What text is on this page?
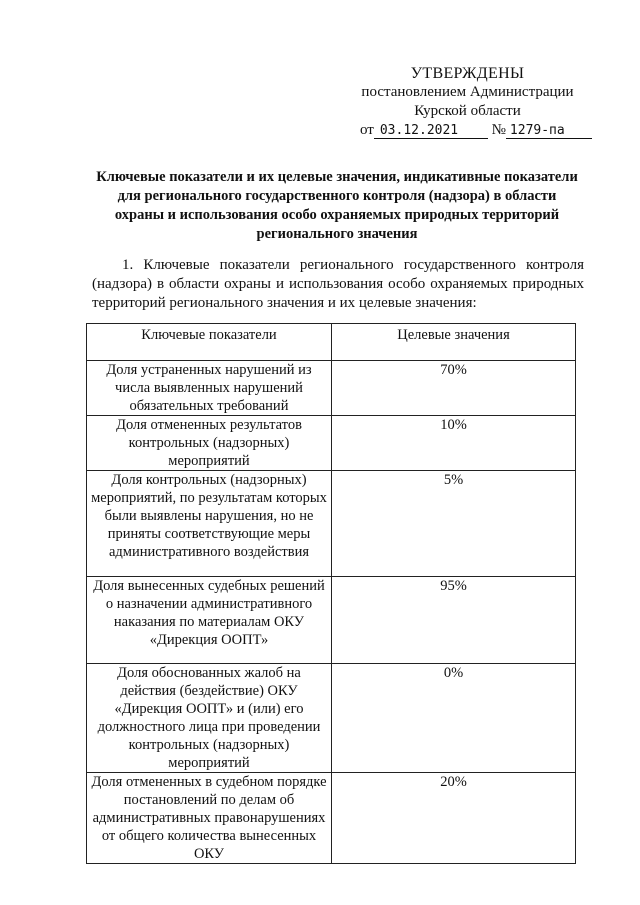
УТВЕРЖДЕНЫ
постановлением Администрации
Курской области
от 03.12.2021 № 1279-па
Ключевые показатели и их целевые значения, индикативные показатели для регионального государственного контроля (надзора) в области охраны и использования особо охраняемых природных территорий регионального значения
1. Ключевые показатели регионального государственного контроля (надзора) в области охраны и использования особо охраняемых природных территорий регионального значения и их целевые значения:
Ключевые показатели	Целевые значения
Доля устраненных нарушений из числа выявленных нарушений обязательных требований	70%
Доля отмененных результатов контрольных (надзорных) мероприятий	10%
Доля контрольных (надзорных) мероприятий, по результатам которых были выявлены нарушения, но не приняты соответствующие меры административного воздействия	5%
Доля вынесенных судебных решений о назначении административного наказания по материалам ОКУ «Дирекция ООПТ»	95%
Доля обоснованных жалоб на действия (бездействие) ОКУ «Дирекция ООПТ» и (или) его должностного лица при проведении контрольных (надзорных) мероприятий	0%
Доля отмененных в судебном порядке постановлений по делам об административных правонарушениях от общего количества вынесенных ОКУ	20%
